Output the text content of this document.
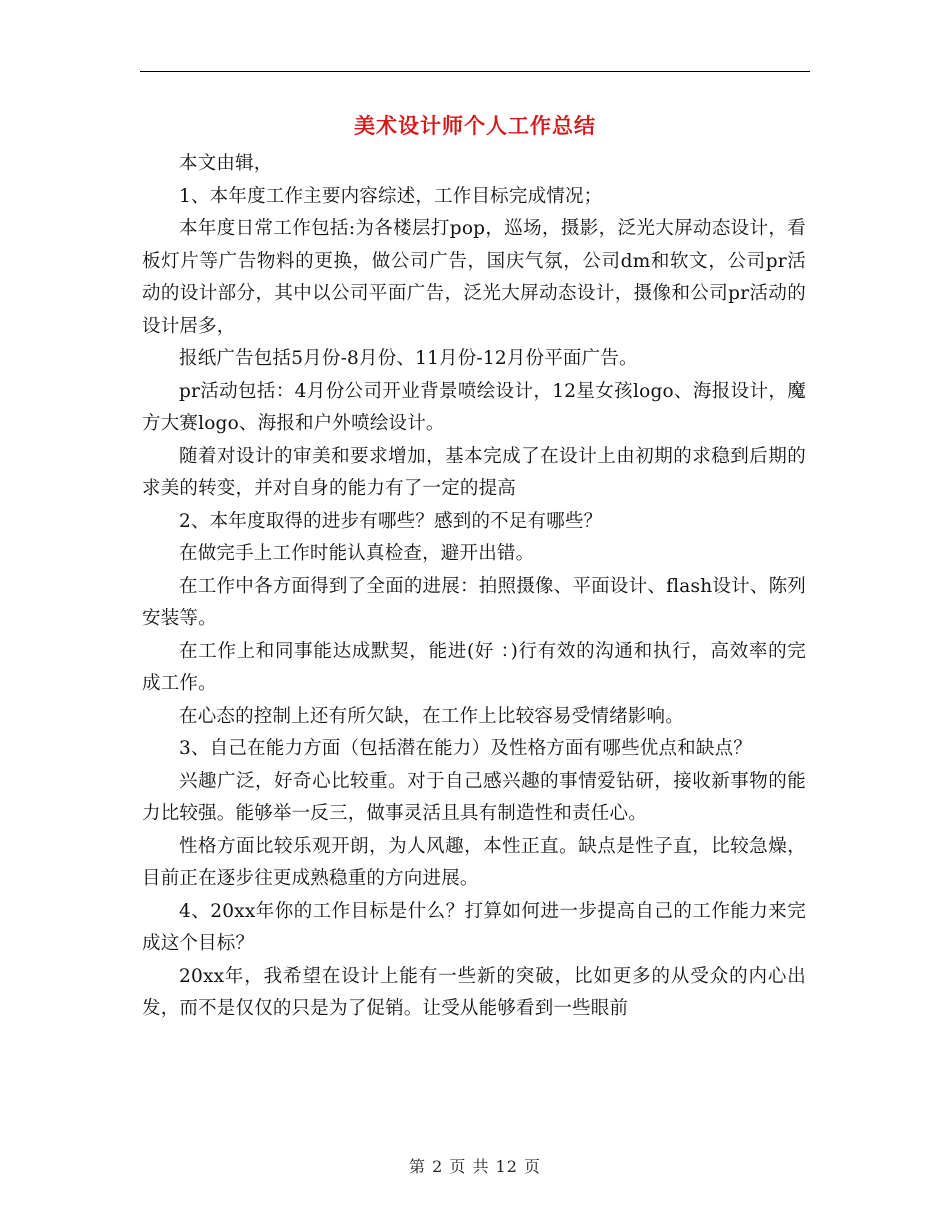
美术设计师个人工作总结

本文由辑，

1、本年度工作主要内容综述，工作目标完成情况；

本年度日常工作包括:为各楼层打pop，巡场，摄影，泛光大屏动态设计，看板灯片等广告物料的更换，做公司广告，国庆气氛，公司dm和软文，公司pr活动的设计部分，其中以公司平面广告，泛光大屏动态设计，摄像和公司pr活动的设计居多，

报纸广告包括5月份-8月份、11月份-12月份平面广告。

pr活动包括：4月份公司开业背景喷绘设计，12星女孩logo、海报设计，魔方大赛logo、海报和户外喷绘设计。

随着对设计的审美和要求增加，基本完成了在设计上由初期的求稳到后期的求美的转变，并对自身的能力有了一定的提高

2、本年度取得的进步有哪些？感到的不足有哪些？

在做完手上工作时能认真检查，避开出错。

在工作中各方面得到了全面的进展：拍照摄像、平面设计、flash设计、陈列安装等。

在工作上和同事能达成默契，能进(好 ：)行有效的沟通和执行，高效率的完成工作。

在心态的控制上还有所欠缺，在工作上比较容易受情绪影响。

3、自己在能力方面（包括潜在能力）及性格方面有哪些优点和缺点？

兴趣广泛，好奇心比较重。对于自己感兴趣的事情爱钻研，接收新事物的能力比较强。能够举一反三，做事灵活且具有制造性和责任心。

性格方面比较乐观开朗，为人风趣，本性正直。缺点是性子直，比较急燥，目前正在逐步往更成熟稳重的方向进展。

4、20xx年你的工作目标是什么？打算如何进一步提高自己的工作能力来完成这个目标？

20xx年，我希望在设计上能有一些新的突破，比如更多的从受众的内心出发，而不是仅仅的只是为了促销。让受从能够看到一些眼前

第 2 页 共 12 页
